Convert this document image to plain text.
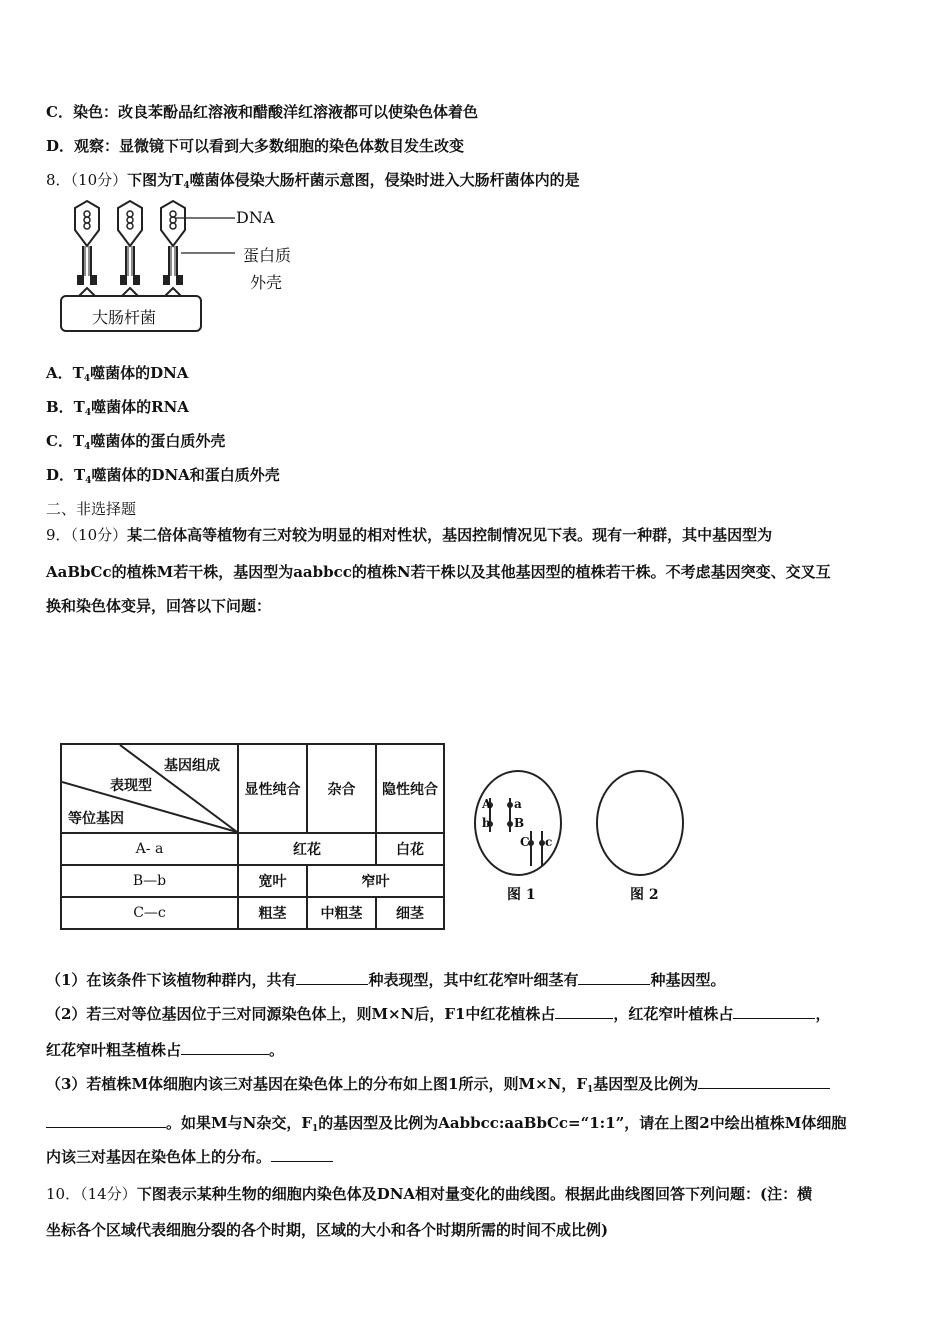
C．染色：改良苯酚品红溶液和醋酸洋红溶液都可以使染色体着色
D．观察：显微镜下可以看到大多数细胞的染色体数目发生改变
8．（10分）下图为$T_4$噬菌体侵染大肠杆菌示意图，侵染时进入大肠杆菌体内的是
DNA
蛋白质
外壳
大肠杆菌
A．$T_4$噬菌体的DNA
B．$T_4$噬菌体的RNA
C．$T_4$噬菌体的蛋白质外壳
D．$T_4$噬菌体的DNA和蛋白质外壳
二、非选择题
9．（10分）某二倍体高等植物有三对较为明显的相对性状，基因控制情况见下表。现有一种群，其中基因型为
AaBbCc的植株M若干株，基因型为aabbcc的植株N若干株以及其他基因型的植株若干株。不考虑基因突变、交叉互
换和染色体变异，回答以下问题：
基因组成
表现型
等位基因	显性纯合	杂合	隐性纯合
A- a	红花		白花
B—b	宽叶	窄叶	
C—c	粗茎	中粗茎	细茎
A a
b B
C c
图 1	图 2
（1）在该条件下该植物种群内，共有	种表现型，其中红花窄叶细茎有	种基因型。
（2）若三对等位基因位于三对同源染色体上，则M×N后，F1中红花植株占	，红花窄叶植株占	，
红花窄叶粗茎植株占	。
（3）若植株M体细胞内该三对基因在染色体上的分布如上图1所示，则M×N，$F_1$基因型及比例为
。如果M与N杂交，$F_1$的基因型及比例为Aabbcc:aaBbCc=“1:1”，请在上图2中绘出植株M体细胞
内该三对基因在染色体上的分布。
10．（14分）下图表示某种生物的细胞内染色体及DNA相对量变化的曲线图。根据此曲线图回答下列问题：(注：横
坐标各个区域代表细胞分裂的各个时期，区域的大小和各个时期所需的时间不成比例)
